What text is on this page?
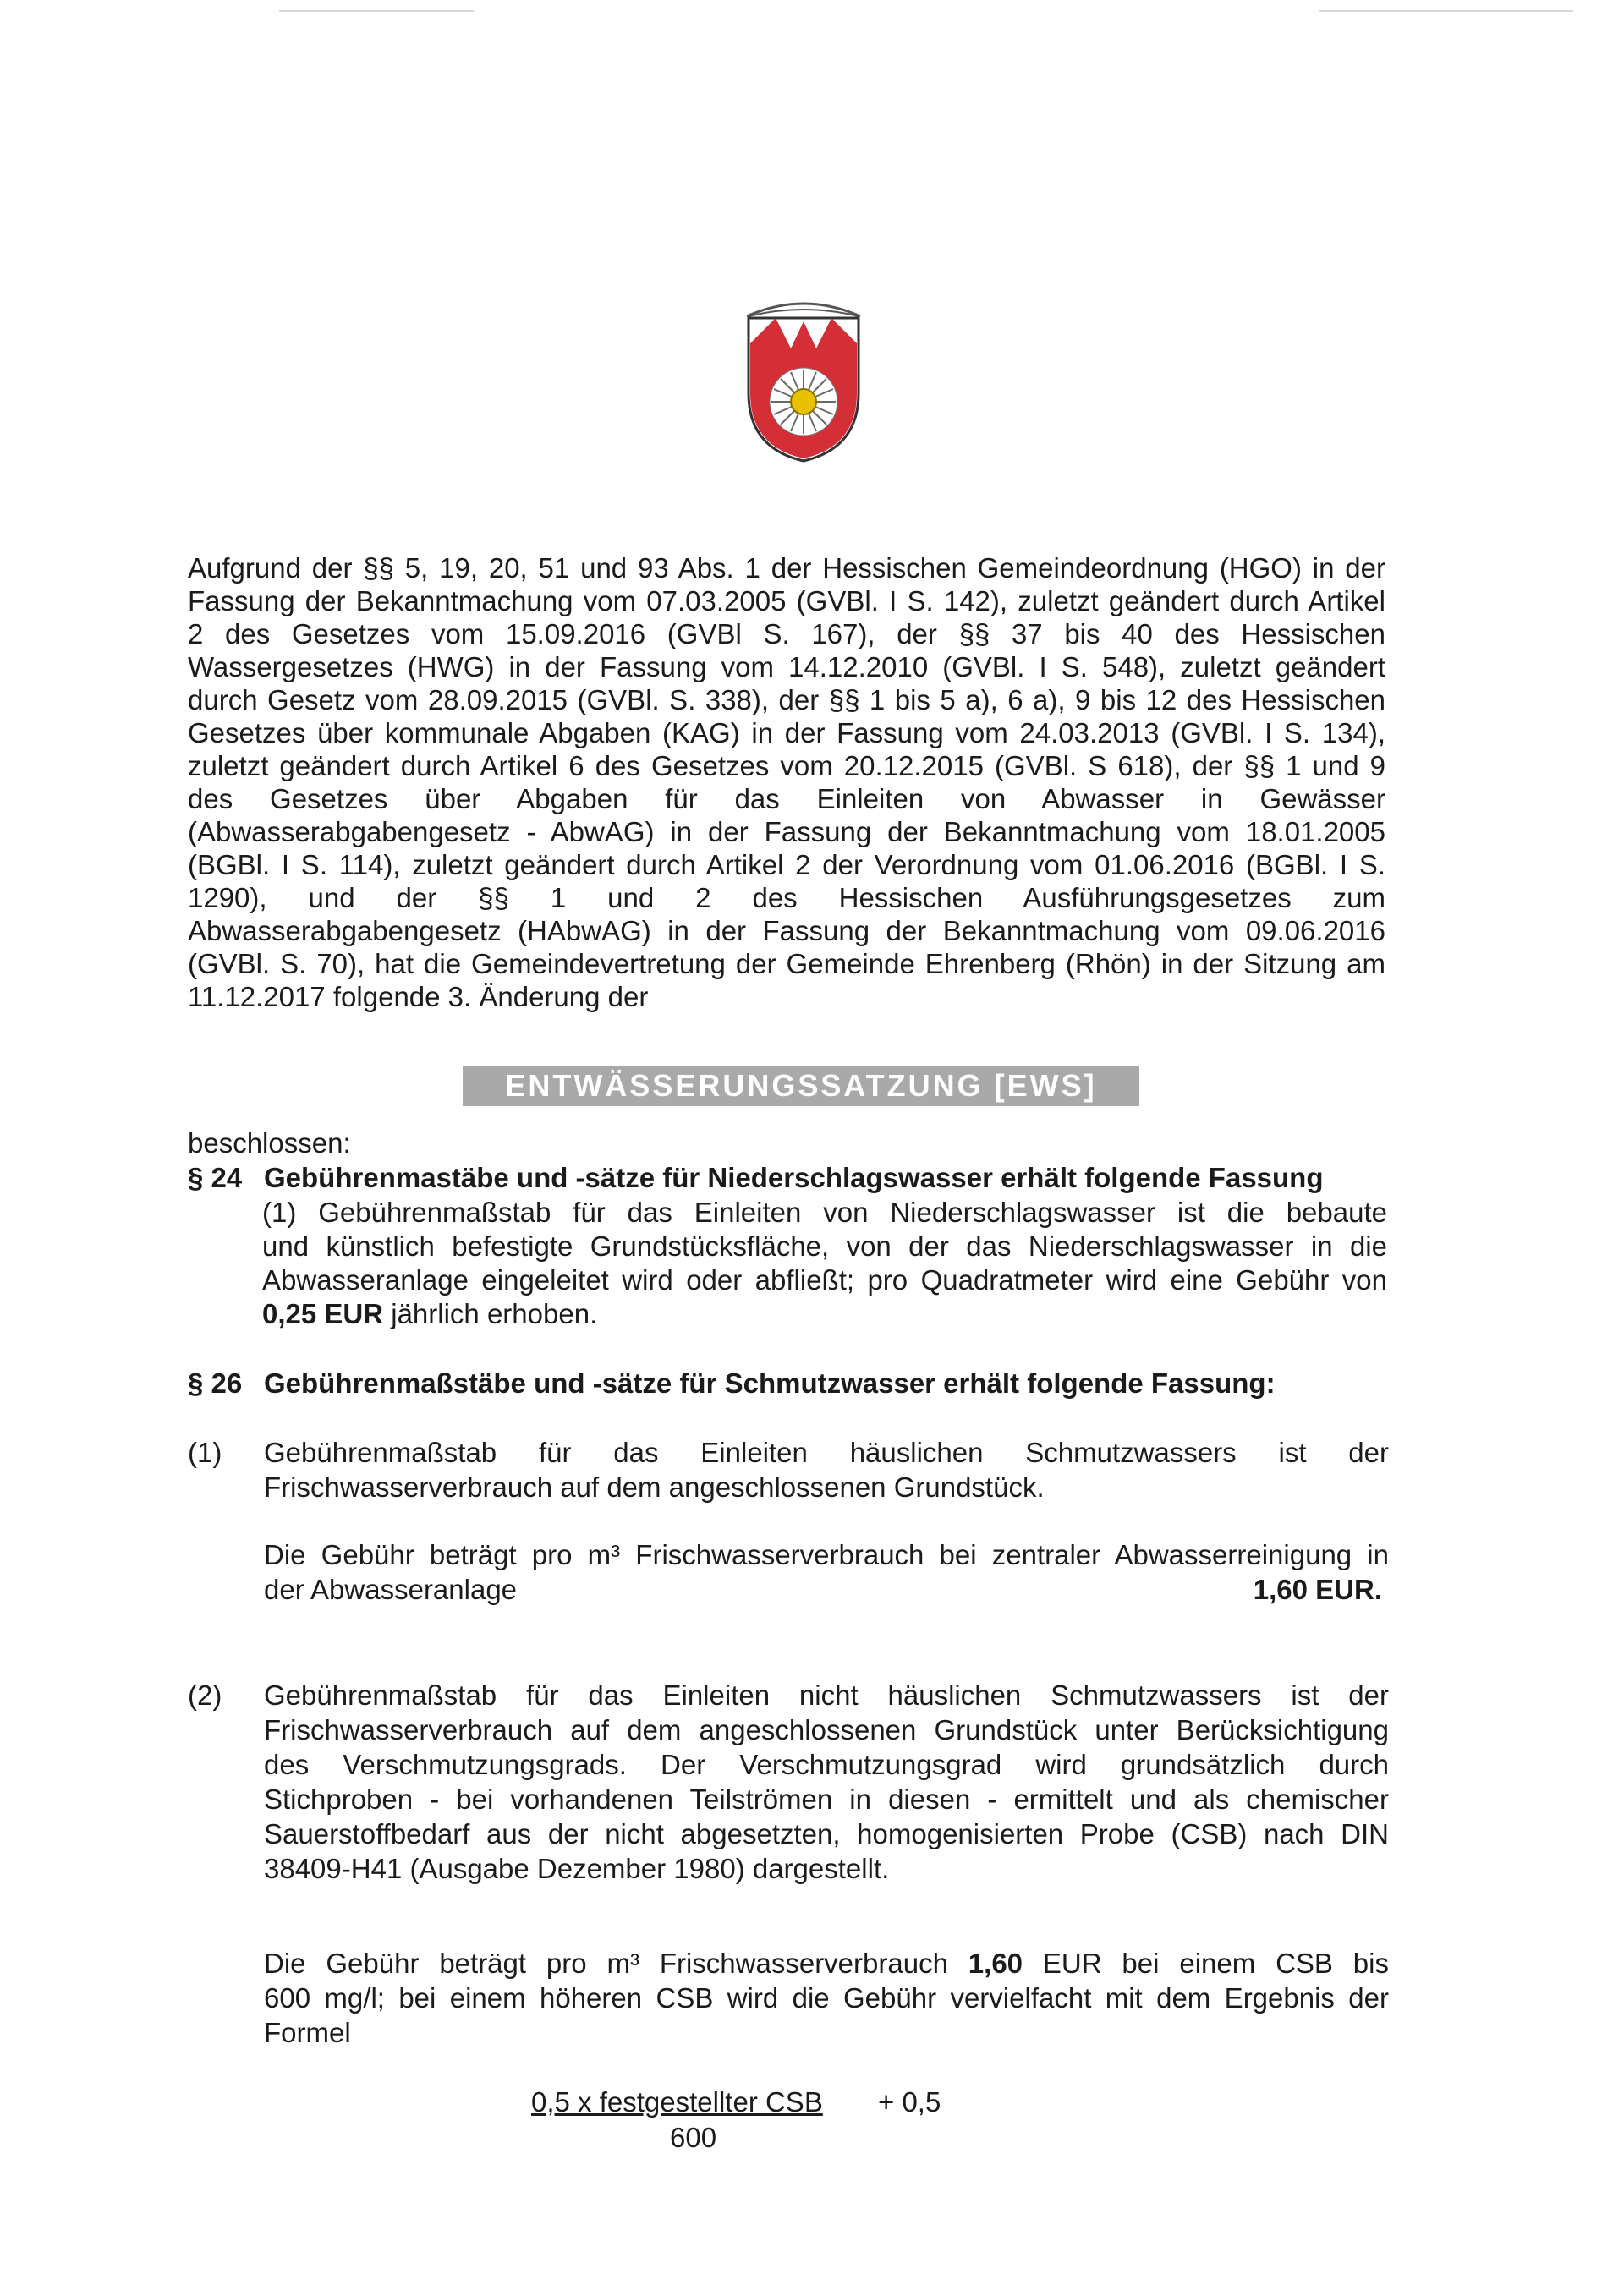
Aufgrund der §§ 5, 19, 20, 51 und 93 Abs. 1 der Hessischen Gemeindeordnung (HGO) in der
Fassung der Bekanntmachung vom 07.03.2005 (GVBl. I S. 142), zuletzt geändert durch Artikel
2 des Gesetzes vom 15.09.2016 (GVBl S. 167), der §§ 37 bis 40 des Hessischen
Wassergesetzes (HWG) in der Fassung vom 14.12.2010 (GVBl. I S. 548), zuletzt geändert
durch Gesetz vom 28.09.2015 (GVBl. S. 338), der §§ 1 bis 5 a), 6 a), 9 bis 12 des Hessischen
Gesetzes über kommunale Abgaben (KAG) in der Fassung vom 24.03.2013 (GVBl. I S. 134),
zuletzt geändert durch Artikel 6 des Gesetzes vom 20.12.2015 (GVBl. S 618), der §§ 1 und 9
des Gesetzes über Abgaben für das Einleiten von Abwasser in Gewässer
(Abwasserabgabengesetz - AbwAG) in der Fassung der Bekanntmachung vom 18.01.2005
(BGBl. I S. 114), zuletzt geändert durch Artikel 2 der Verordnung vom 01.06.2016 (BGBl. I S.
1290), und der §§ 1 und 2 des Hessischen Ausführungsgesetzes zum
Abwasserabgabengesetz (HAbwAG) in der Fassung der Bekanntmachung vom 09.06.2016
(GVBl. S. 70), hat die Gemeindevertretung der Gemeinde Ehrenberg (Rhön) in der Sitzung am
11.12.2017 folgende 3. Änderung der
ENTWÄSSERUNGSSATZUNG [EWS]
beschlossen:
§ 24 Gebührenmastäbe und -sätze für Niederschlagswasser erhält folgende Fassung
(1) Gebührenmaßstab für das Einleiten von Niederschlagswasser ist die bebaute
und künstlich befestigte Grundstücksfläche, von der das Niederschlagswasser in die
Abwasseranlage eingeleitet wird oder abfließt; pro Quadratmeter wird eine Gebühr von
0,25 EUR jährlich erhoben.
§ 26 Gebührenmaßstäbe und -sätze für Schmutzwasser erhält folgende Fassung:
(1) Gebührenmaßstab für das Einleiten häuslichen Schmutzwassers ist der
Frischwasserverbrauch auf dem angeschlossenen Grundstück.
Die Gebühr beträgt pro m³ Frischwasserverbrauch bei zentraler Abwasserreinigung in
der Abwasseranlage	1,60 EUR.
(2) Gebührenmaßstab für das Einleiten nicht häuslichen Schmutzwassers ist der
Frischwasserverbrauch auf dem angeschlossenen Grundstück unter Berücksichtigung
des Verschmutzungsgrads. Der Verschmutzungsgrad wird grundsätzlich durch
Stichproben - bei vorhandenen Teilströmen in diesen - ermittelt und als chemischer
Sauerstoffbedarf aus der nicht abgesetzten, homogenisierten Probe (CSB) nach DIN
38409-H41 (Ausgabe Dezember 1980) dargestellt.
Die Gebühr beträgt pro m³ Frischwasserverbrauch 1,60 EUR bei einem CSB bis
600 mg/l; bei einem höheren CSB wird die Gebühr vervielfacht mit dem Ergebnis der
Formel
0,5 x festgestellter CSB + 0,5
600
